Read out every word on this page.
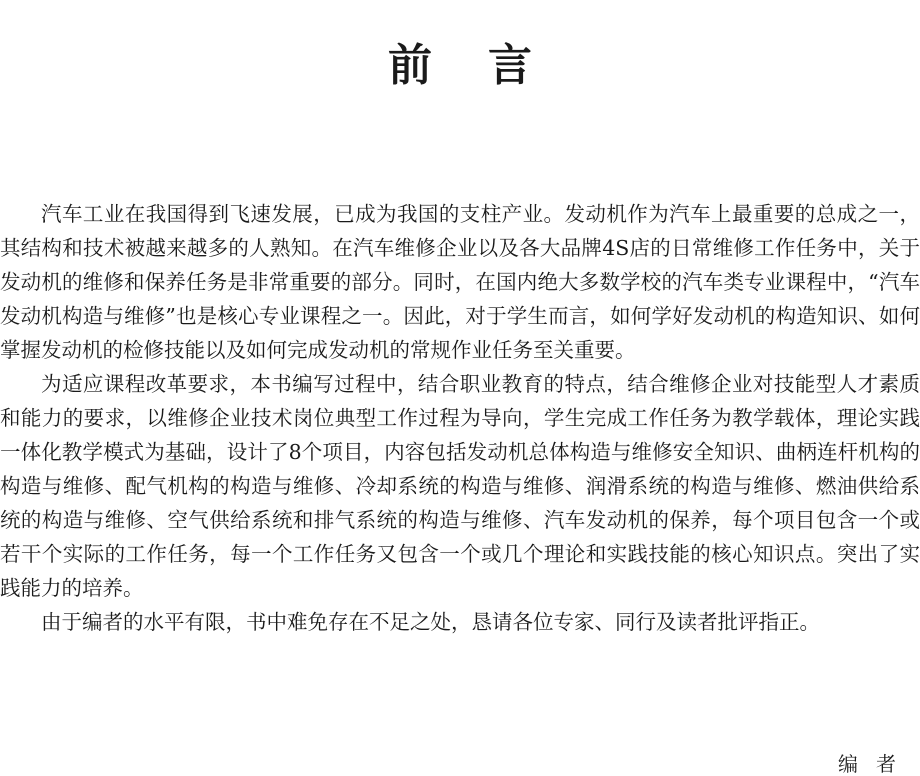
前言

汽车工业在我国得到飞速发展，已成为我国的支柱产业。发动机作为汽车上最重要的总成之一，其结构和技术被越来越多的人熟知。在汽车维修企业以及各大品牌4S店的日常维修工作任务中，关于发动机的维修和保养任务是非常重要的部分。同时，在国内绝大多数学校的汽车类专业课程中，“汽车发动机构造与维修”也是核心专业课程之一。因此，对于学生而言，如何学好发动机的构造知识、如何掌握发动机的检修技能以及如何完成发动机的常规作业任务至关重要。

为适应课程改革要求，本书编写过程中，结合职业教育的特点，结合维修企业对技能型人才素质和能力的要求，以维修企业技术岗位典型工作过程为导向，学生完成工作任务为教学载体，理论实践一体化教学模式为基础，设计了8个项目，内容包括发动机总体构造与维修安全知识、曲柄连杆机构的构造与维修、配气机构的构造与维修、冷却系统的构造与维修、润滑系统的构造与维修、燃油供给系统的构造与维修、空气供给系统和排气系统的构造与维修、汽车发动机的保养，每个项目包含一个或若干个实际的工作任务，每一个工作任务又包含一个或几个理论和实践技能的核心知识点。突出了实践能力的培养。

由于编者的水平有限，书中难免存在不足之处，恳请各位专家、同行及读者批评指正。

编者
